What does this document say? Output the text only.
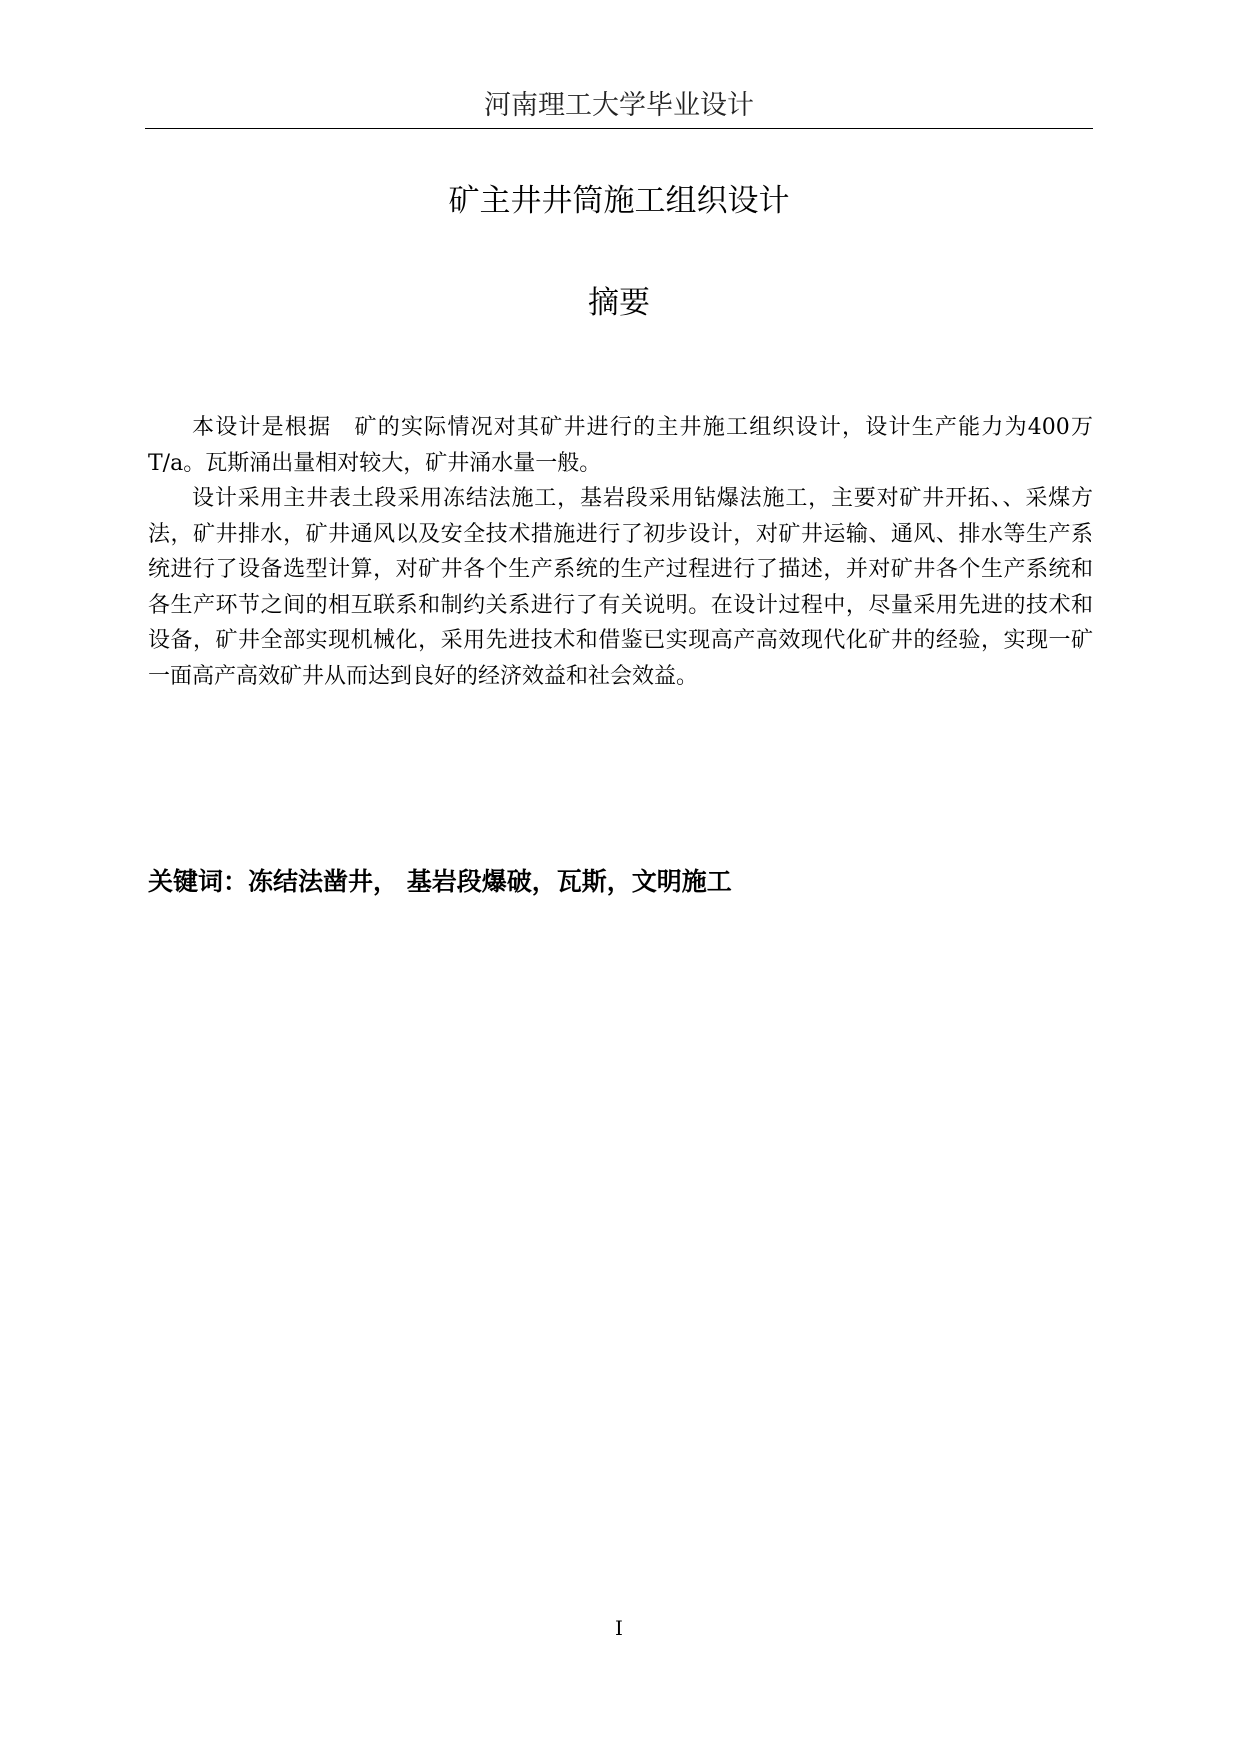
河南理工大学毕业设计
矿主井井筒施工组织设计
摘要

本设计是根据　矿的实际情况对其矿井进行的主井施工组织设计，设计生产能力为400万T/a。瓦斯涌出量相对较大，矿井涌水量一般。

设计采用主井表土段采用冻结法施工，基岩段采用钻爆法施工，主要对矿井开拓、、采煤方法，矿井排水，矿井通风以及安全技术措施进行了初步设计，对矿井运输、通风、排水等生产系统进行了设备选型计算，对矿井各个生产系统的生产过程进行了描述，并对矿井各个生产系统和各生产环节之间的相互联系和制约关系进行了有关说明。在设计过程中，尽量采用先进的技术和设备，矿井全部实现机械化，采用先进技术和借鉴已实现高产高效现代化矿井的经验，实现一矿一面高产高效矿井从而达到良好的经济效益和社会效益。

关键词：冻结法凿井， 基岩段爆破，瓦斯，文明施工
I
